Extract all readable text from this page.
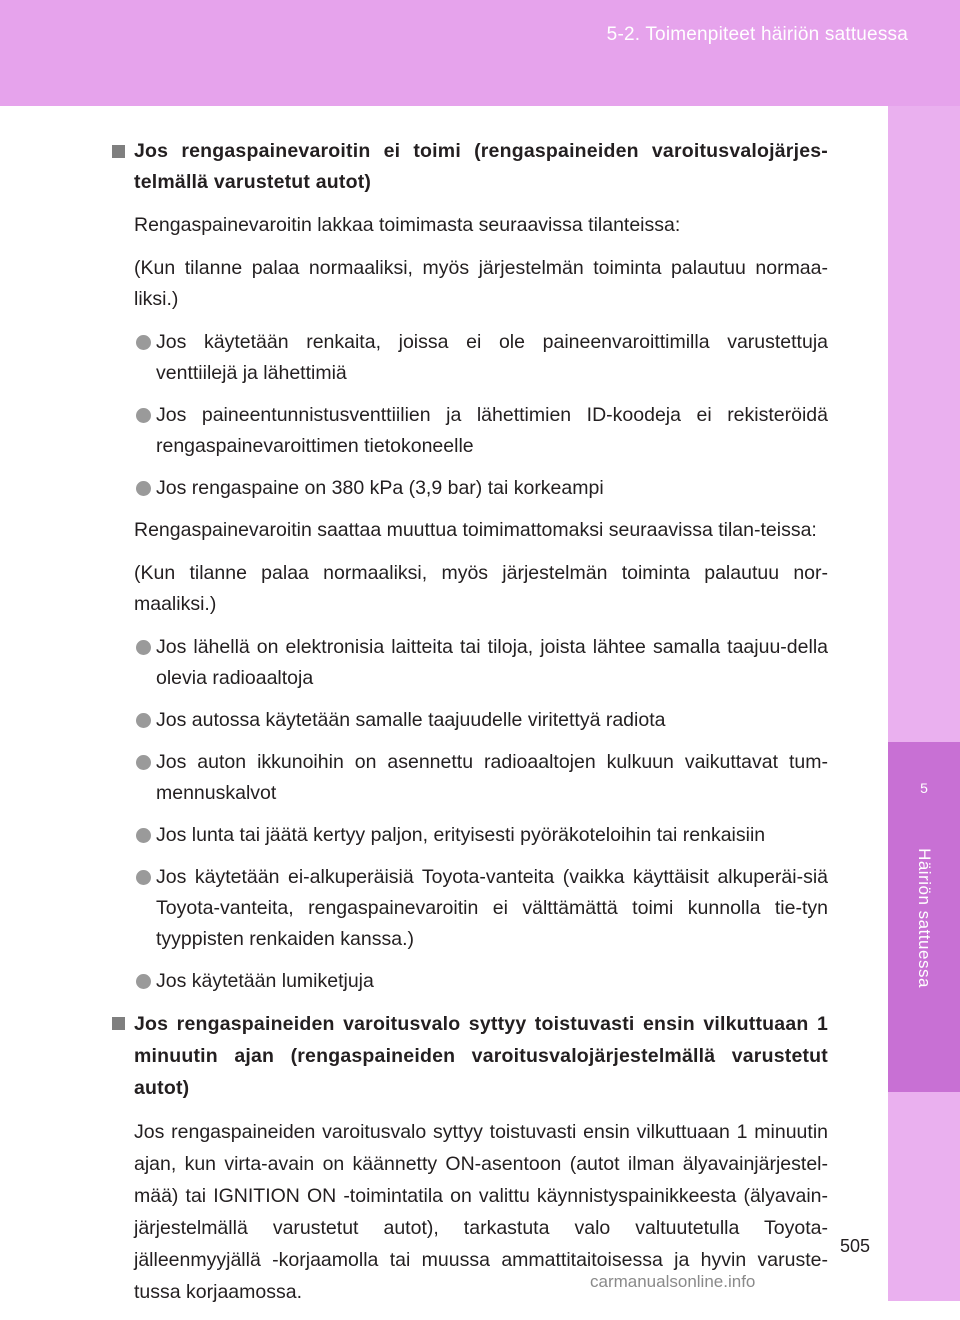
5-2. Toimenpiteet häiriön sattuessa
5
Häiriön sattuessa
Jos rengaspainevaroitin ei toimi (rengaspaineiden varoitusvalojärjes-telmällä varustetut autot)
Rengaspainevaroitin lakkaa toimimasta seuraavissa tilanteissa:
(Kun tilanne palaa normaaliksi, myös järjestelmän toiminta palautuu normaa-liksi.)
Jos käytetään renkaita, joissa ei ole paineenvaroittimilla varustettuja venttiilejä ja lähettimiä
Jos paineentunnistusventtiilien ja lähettimien ID-koodeja ei rekisteröidä rengaspainevaroittimen tietokoneelle
Jos rengaspaine on 380 kPa (3,9 bar) tai korkeampi
Rengaspainevaroitin saattaa muuttua toimimattomaksi seuraavissa tilan-teissa:
(Kun tilanne palaa normaaliksi, myös järjestelmän toiminta palautuu nor-maaliksi.)
Jos lähellä on elektronisia laitteita tai tiloja, joista lähtee samalla taajuu-della olevia radioaaltoja
Jos autossa käytetään samalle taajuudelle viritettyä radiota
Jos auton ikkunoihin on asennettu radioaaltojen kulkuun vaikuttavat tum-mennuskalvot
Jos lunta tai jäätä kertyy paljon, erityisesti pyöräkoteloihin tai renkaisiin
Jos käytetään ei-alkuperäisiä Toyota-vanteita (vaikka käyttäisit alkuperäi-siä Toyota-vanteita, rengaspainevaroitin ei välttämättä toimi kunnolla tie-tyn tyyppisten renkaiden kanssa.)
Jos käytetään lumiketjuja
Jos rengaspaineiden varoitusvalo syttyy toistuvasti ensin vilkuttuaan 1 minuutin ajan (rengaspaineiden varoitusvalojärjestelmällä varustetut autot)
Jos rengaspaineiden varoitusvalo syttyy toistuvasti ensin vilkuttuaan 1 minuutin ajan, kun virta-avain on käännetty ON-asentoon (autot ilman älyavainjärjestel-mää) tai IGNITION ON -toimintatila on valittu käynnistyspainikkeesta (älyavain-järjestelmällä varustetut autot), tarkastuta valo valtuutetulla Toyota-jälleenmyyjällä -korjaamolla tai muussa ammattitaitoisessa ja hyvin varuste-tussa korjaamossa.
505
carmanualsonline.info
